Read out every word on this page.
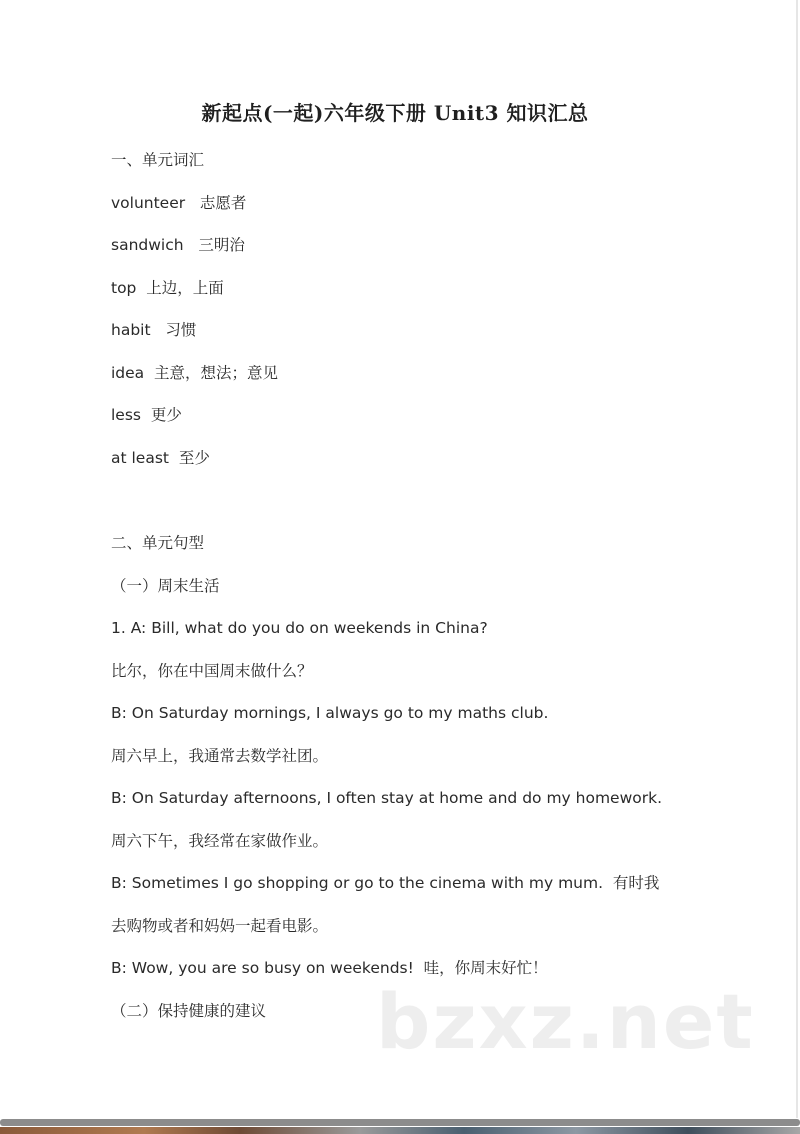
新起点(一起)六年级下册 Unit3 知识汇总
一、单元词汇
volunteer   志愿者
sandwich   三明治
top  上边，上面
habit   习惯
idea  主意，想法；意见
less  更少
at least  至少
二、单元句型
（一）周末生活
1. A: Bill, what do you do on weekends in China?
比尔，你在中国周末做什么？
B: On Saturday mornings, I always go to my maths club.
周六早上，我通常去数学社团。
B: On Saturday afternoons, I often stay at home and do my homework.
周六下午，我经常在家做作业。
B: Sometimes I go shopping or go to the cinema with my mum.  有时我
去购物或者和妈妈一起看电影。
B: Wow, you are so busy on weekends!  哇，你周末好忙！
（二）保持健康的建议 bzxz.net
